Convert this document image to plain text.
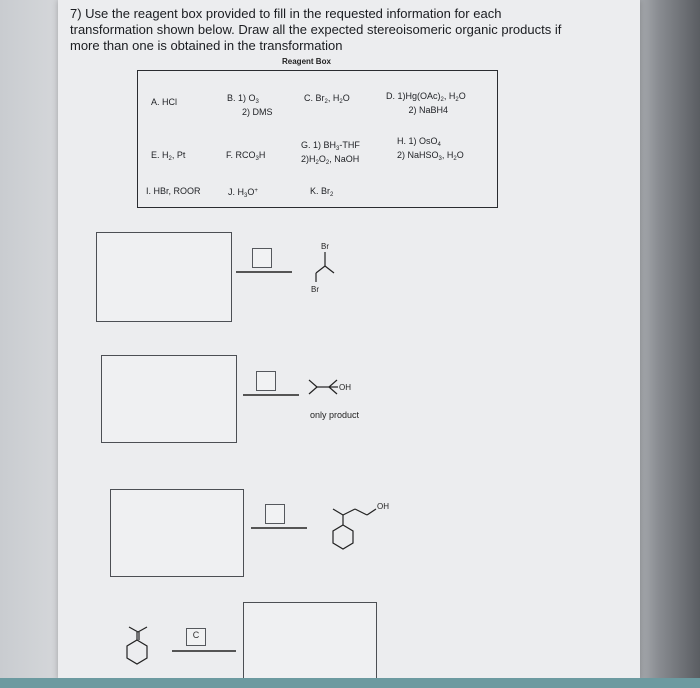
7) Use the reagent box provided to fill in the requested information for each
transformation shown below. Draw all the expected stereoisomeric organic products if
more than one is obtained in the transformation
Reagent Box
A. HCl	B. 1) $O_3$
2) DMS
C. $Br_2$, $H_2O$	D. $1)Hg(OAc)_2$, $H_2O$
2) NaBH4
E. $H_2$, Pt	F. $RCO_3H$
G. 1) $BH_3$-THF
$2)H_2O_2$, NaOH
H. 1) OsO$_4$
2) NaHSO$_3$, $H_2O$
I. HBr, ROOR	J. $H_3O^+$	K. $Br_2$
Br
Br
OH
only product
OH
C
